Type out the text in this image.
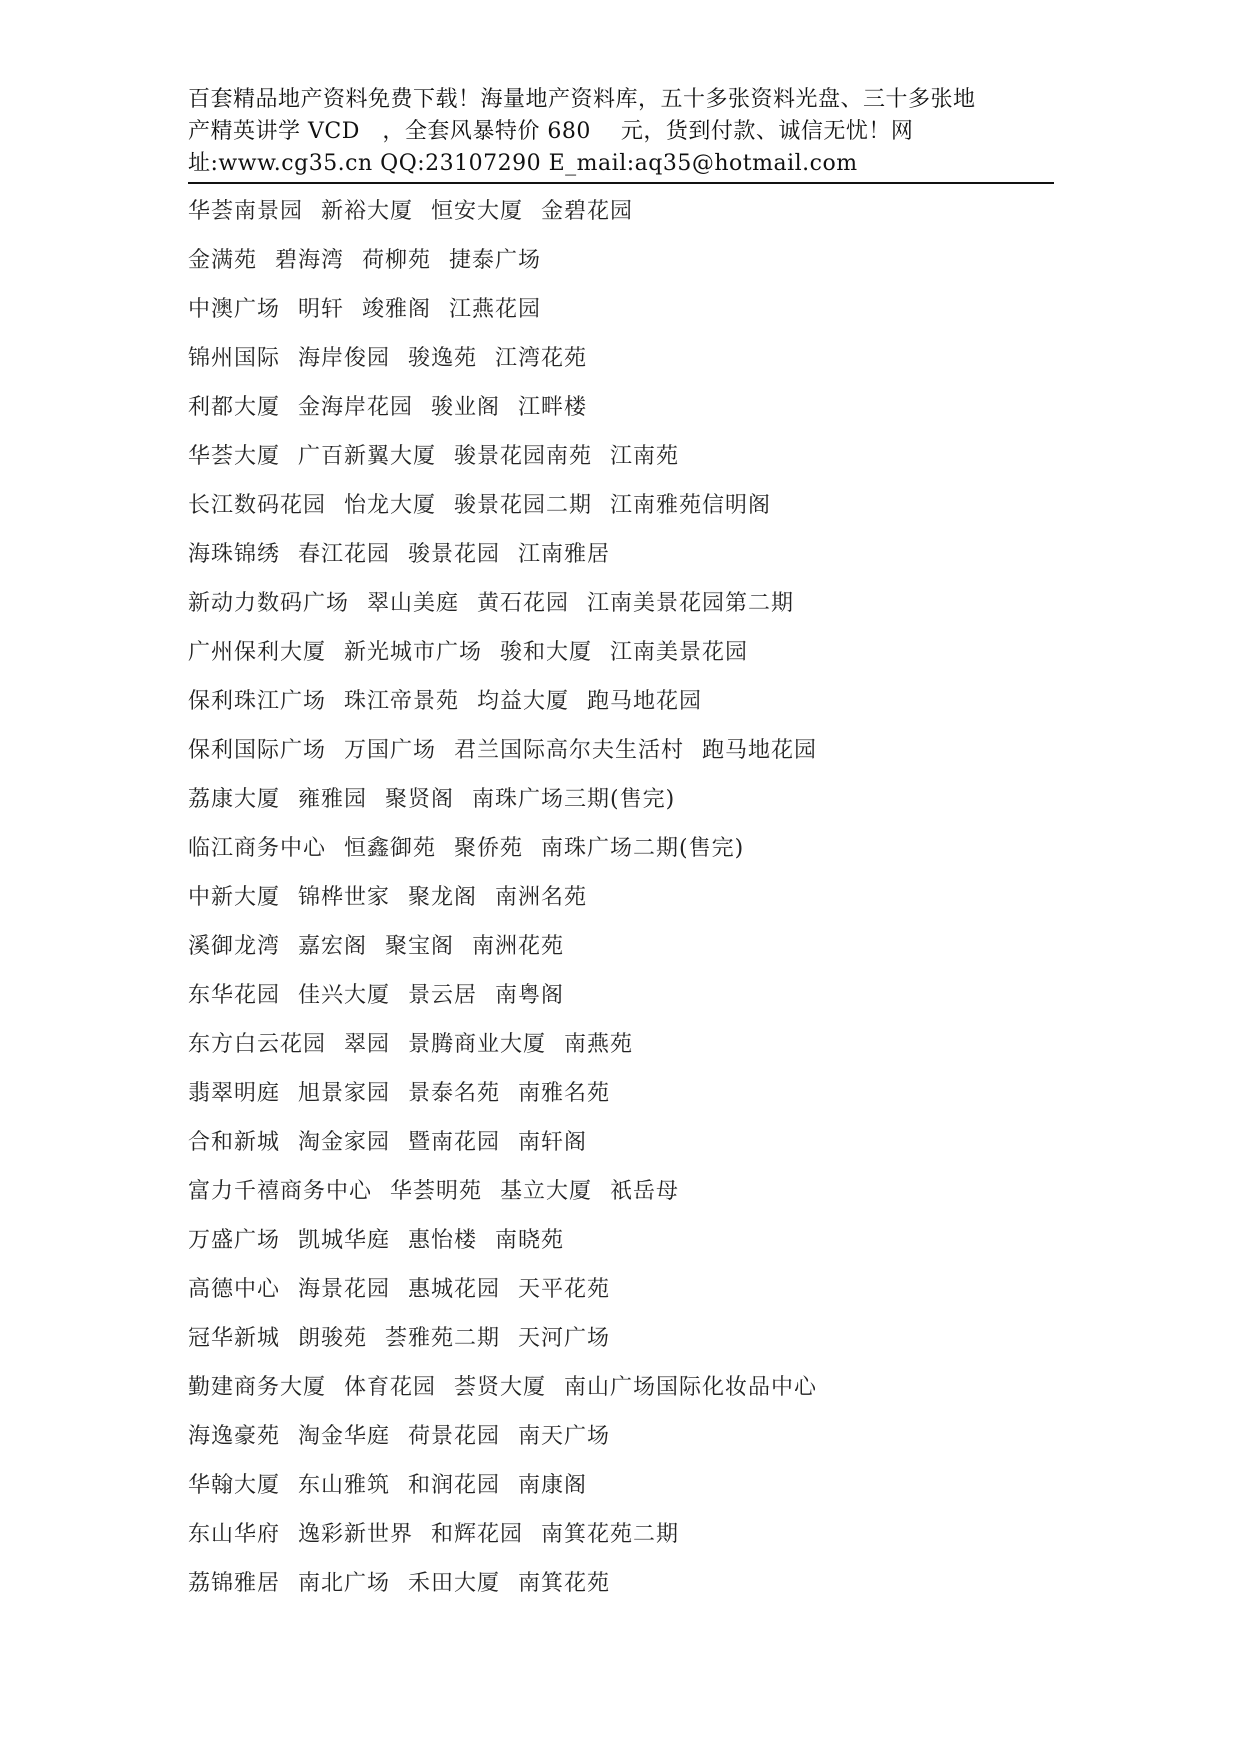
百套精品地产资料免费下载！海量地产资料库，五十多张资料光盘、三十多张地
产精英讲学 VCD　，全套风暴特价 680　 元，货到付款、诚信无忧！网
址:www.cg35.cn QQ:23107290 E_mail:aq35@hotmail.com
华荟南景园 新裕大厦 恒安大厦 金碧花园
金满苑 碧海湾 荷柳苑 捷泰广场
中澳广场 明轩 竣雅阁 江燕花园
锦州国际 海岸俊园 骏逸苑 江湾花苑
利都大厦 金海岸花园 骏业阁 江畔楼
华荟大厦 广百新翼大厦 骏景花园南苑 江南苑
长江数码花园 怡龙大厦 骏景花园二期 江南雅苑信明阁
海珠锦绣 春江花园 骏景花园 江南雅居
新动力数码广场 翠山美庭 黄石花园 江南美景花园第二期
广州保利大厦 新光城市广场 骏和大厦 江南美景花园
保利珠江广场 珠江帝景苑 均益大厦 跑马地花园
保利国际广场 万国广场 君兰国际高尔夫生活村 跑马地花园
荔康大厦 雍雅园 聚贤阁 南珠广场三期(售完)
临江商务中心 恒鑫御苑 聚侨苑 南珠广场二期(售完)
中新大厦 锦桦世家 聚龙阁 南洲名苑
溪御龙湾 嘉宏阁 聚宝阁 南洲花苑
东华花园 佳兴大厦 景云居 南粤阁
东方白云花园 翠园 景腾商业大厦 南燕苑
翡翠明庭 旭景家园 景泰名苑 南雅名苑
合和新城 淘金家园 暨南花园 南轩阁
富力千禧商务中心 华荟明苑 基立大厦 祇岳母
万盛广场 凯城华庭 惠怡楼 南晓苑
高德中心 海景花园 惠城花园 天平花苑
冠华新城 朗骏苑 荟雅苑二期 天河广场
勤建商务大厦 体育花园 荟贤大厦 南山广场国际化妆品中心
海逸豪苑 淘金华庭 荷景花园 南天广场
华翰大厦 东山雅筑 和润花园 南康阁
东山华府 逸彩新世界 和辉花园 南箕花苑二期
荔锦雅居 南北广场 禾田大厦 南箕花苑
